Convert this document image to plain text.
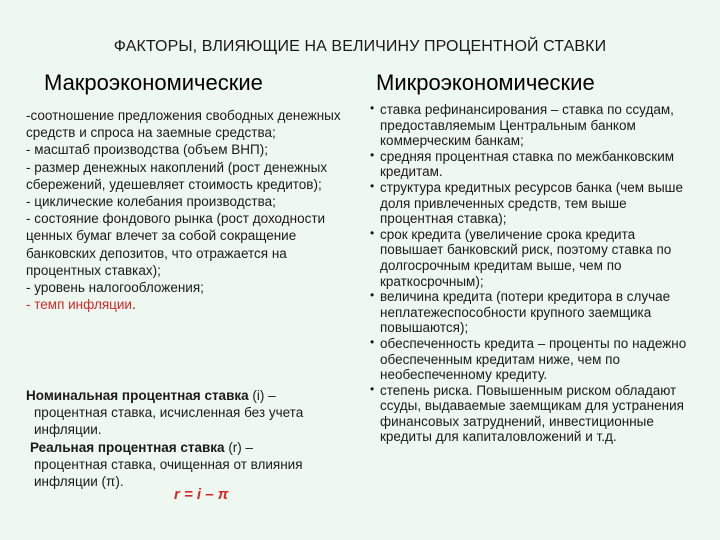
ФАКТОРЫ, ВЛИЯЮЩИЕ НА ВЕЛИЧИНУ ПРОЦЕНТНОЙ СТАВКИ
Макроэкономические	Микроэкономические
-соотношение предложения свободных денежных средств и спроса на заемные средства;
- масштаб производства (объем ВНП);
- размер денежных накоплений (рост денежных сбережений, удешевляет стоимость кредитов);
- циклические колебания производства;
- состояние фондового рынка (рост доходности ценных бумаг влечет за собой сокращение банковских депозитов, что отражается на процентных ставках);
- уровень налогообложения;
- темп инфляции.
Номинальная процентная ставка (i) –
процентная ставка, исчисленная без учета инфляции.
Реальная процентная ставка (r) –
процентная ставка, очищенная от влияния инфляции (π).
r = i – π
• ставка рефинансирования – ставка по ссудам, предоставляемым Центральным банком коммерческим банкам;
• средняя процентная ставка по межбанковским кредитам.
• структура кредитных ресурсов банка (чем выше доля привлеченных средств, тем выше процентная ставка);
• срок кредита (увеличение срока кредита повышает банковский риск, поэтому ставка по долгосрочным кредитам выше, чем по краткосрочным);
• величина кредита (потери кредитора в случае неплатежеспособности крупного заемщика повышаются);
• обеспеченность кредита – проценты по надежно обеспеченным кредитам ниже, чем по необеспеченному кредиту.
• степень риска. Повышенным риском обладают ссуды, выдаваемые заемщикам для устранения финансовых затруднений, инвестиционные кредиты для капиталовложений и т.д.
